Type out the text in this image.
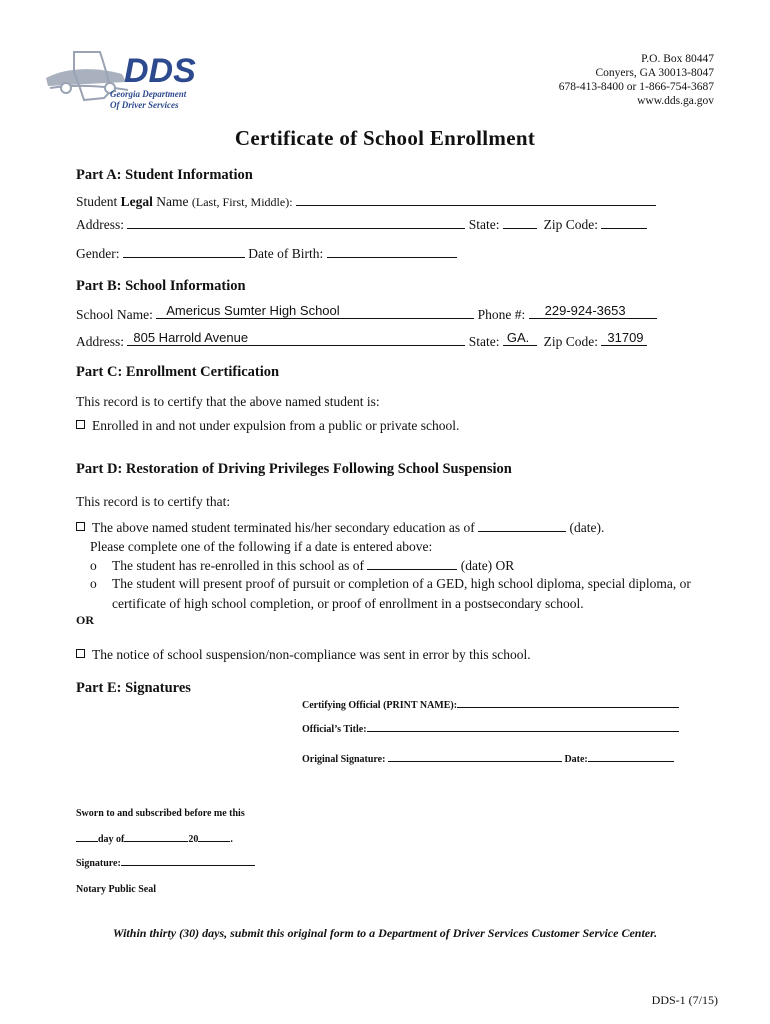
DDS
Georgia Department
Of Driver Services
P.O. Box 80447
Conyers, GA 30013-8047
678-413-8400 or 1-866-754-3687
www.dds.ga.gov
Certificate of School Enrollment
Part A: Student Information
Student Legal Name (Last, First, Middle):
Address:	State:	Zip Code:
Gender:	Date of Birth:
Part B: School Information
School Name: Americus Sumter High School	Phone #: 229-924-3653
Address: 805 Harrold Avenue	State: GA. Zip Code: 31709
Part C: Enrollment Certification
This record is to certify that the above named student is:
Enrolled in and not under expulsion from a public or private school.
Part D: Restoration of Driving Privileges Following School Suspension
This record is to certify that:
The above named student terminated his/her secondary education as of	(date).
Please complete one of the following if a date is entered above:
o The student has re-enrolled in this school as of	(date) OR
o The student will present proof of pursuit or completion of a GED, high school diploma, special diploma, or
certificate of high school completion, or proof of enrollment in a postsecondary school.
OR
The notice of school suspension/non-compliance was sent in error by this school.
Part E: Signatures
Certifying Official (PRINT NAME):
Official’s Title:
Original Signature:	Date:
Sworn to and subscribed before me this
day of	20	.
Signature:
Notary Public Seal
Within thirty (30) days, submit this original form to a Department of Driver Services Customer Service Center.
DDS-1 (7/15)
